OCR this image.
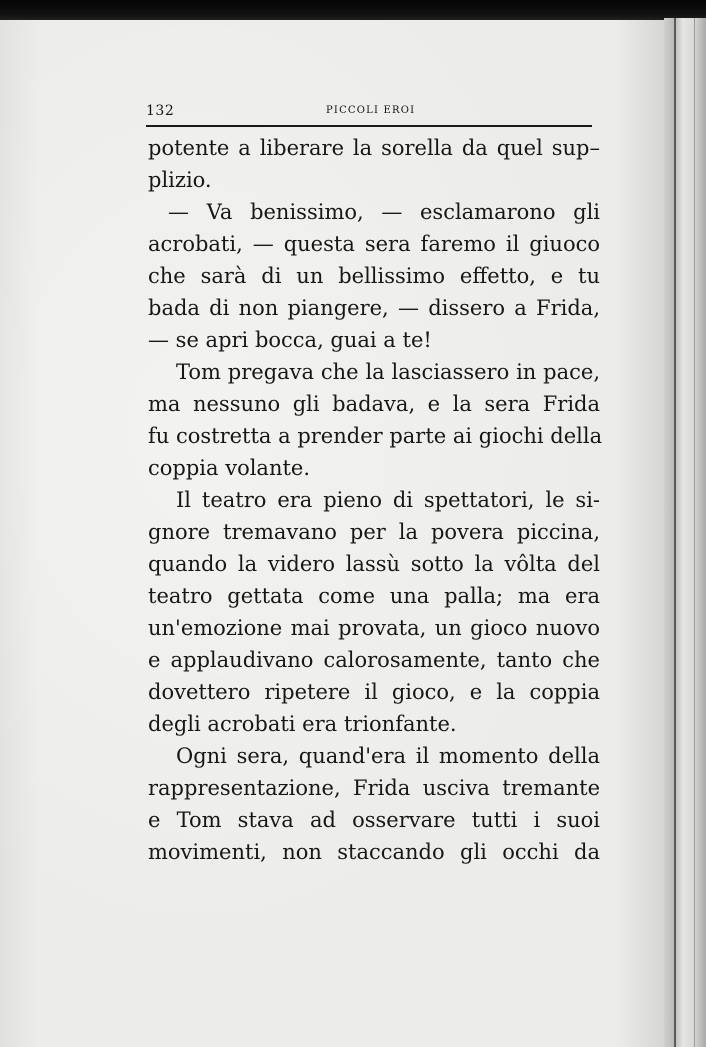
132	PICCOLI EROI
potente a liberare la sorella da quel sup–
plizio.
— Va benissimo, — esclamarono gli
acrobati, — questa sera faremo il giuoco
che sarà di un bellissimo effetto, e tu
bada di non piangere, — dissero a Frida,
— se apri bocca, guai a te!
Tom pregava che la lasciassero in pace,
ma nessuno gli badava, e la sera Frida
fu costretta a prender parte ai giochi della
coppia volante.
Il teatro era pieno di spettatori, le si-
gnore tremavano per la povera piccina,
quando la videro lassù sotto la vôlta del
teatro gettata come una palla; ma era
un'emozione mai provata, un gioco nuovo
e applaudivano calorosamente, tanto che
dovettero ripetere il gioco, e la coppia
degli acrobati era trionfante.
Ogni sera, quand'era il momento della
rappresentazione, Frida usciva tremante
e Tom stava ad osservare tutti i suoi
movimenti, non staccando gli occhi da
